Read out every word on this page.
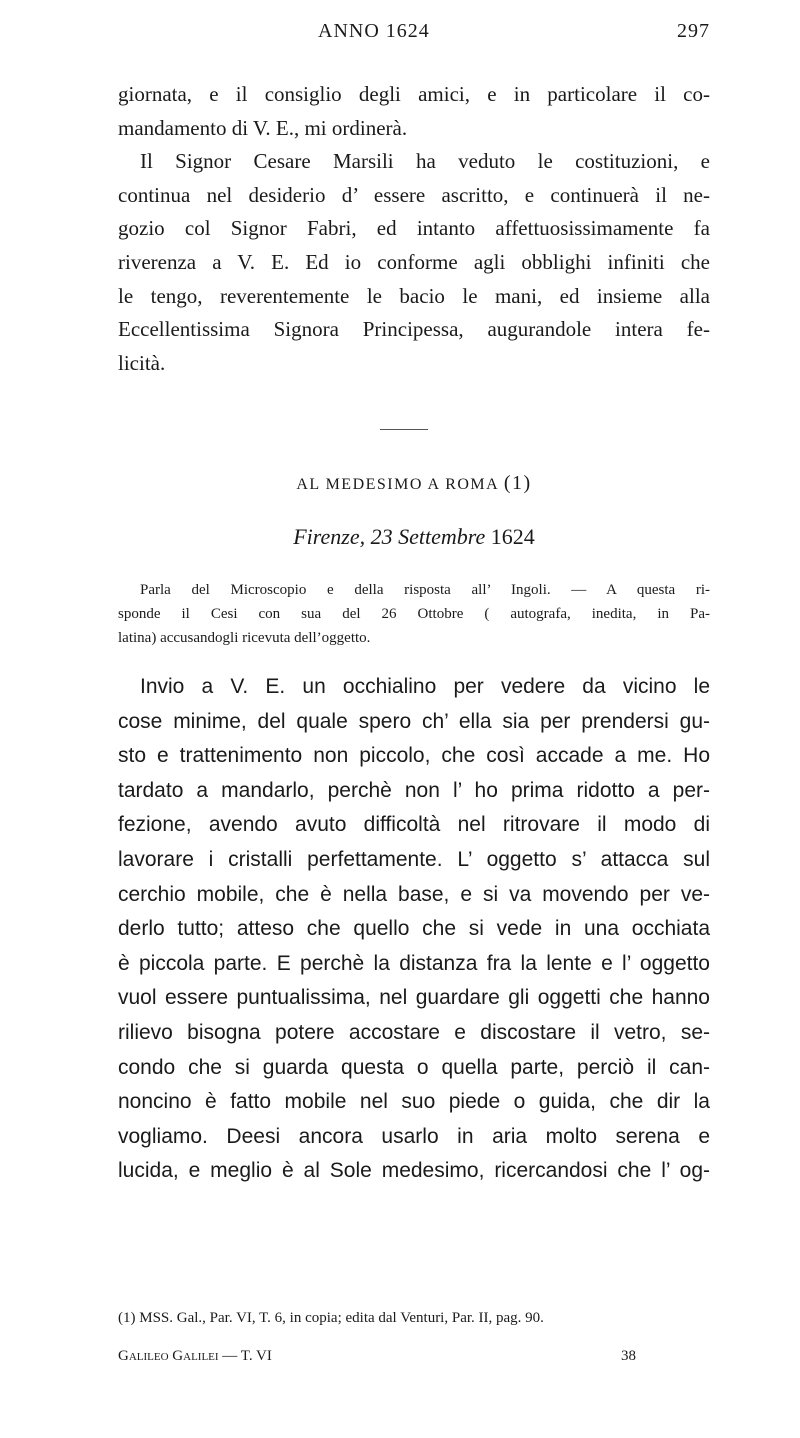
ANNO 1624	297
giornata, e il consiglio degli amici, e in particolare il co-
mandamento di V. E., mi ordinerà.
Il Signor Cesare Marsili ha veduto le costituzioni, e
continua nel desiderio d’ essere ascritto, e continuerà il ne-
gozio col Signor Fabri, ed intanto affettuosissimamente fa
riverenza a V. E. Ed io conforme agli obblighi infiniti che
le tengo, reverentemente le bacio le mani, ed insieme alla
Eccellentissima Signora Principessa, augurandole intera fe-
licità.
AL MEDESIMO A ROMA (1)
Firenze, 23 Settembre 1624
Parla del Microscopio e della risposta all’ Ingoli. — A questa ri-
sponde il Cesi con sua del 26 Ottobre ( autografa, inedita, in Pa-
latina) accusandogli ricevuta dell’oggetto.
Invio a V. E. un occhialino per vedere da vicino le
cose minime, del quale spero ch’ ella sia per prendersi gu-
sto e trattenimento non piccolo, che così accade a me. Ho
tardato a mandarlo, perchè non l’ ho prima ridotto a per-
fezione, avendo avuto difficoltà nel ritrovare il modo di
lavorare i cristalli perfettamente. L’ oggetto s’ attacca sul
cerchio mobile, che è nella base, e si va movendo per ve-
derlo tutto; atteso che quello che si vede in una occhiata
è piccola parte. E perchè la distanza fra la lente e l’ oggetto
vuol essere puntualissima, nel guardare gli oggetti che hanno
rilievo bisogna potere accostare e discostare il vetro, se-
condo che si guarda questa o quella parte, perciò il can-
noncino è fatto mobile nel suo piede o guida, che dir la
vogliamo. Deesi ancora usarlo in aria molto serena e
lucida, e meglio è al Sole medesimo, ricercandosi che l’ og-
(1) MSS. Gal., Par. VI, T. 6, in copia; edita dal Venturi, Par. II, pag. 90.
Galileo Galilei — T. VI	38
